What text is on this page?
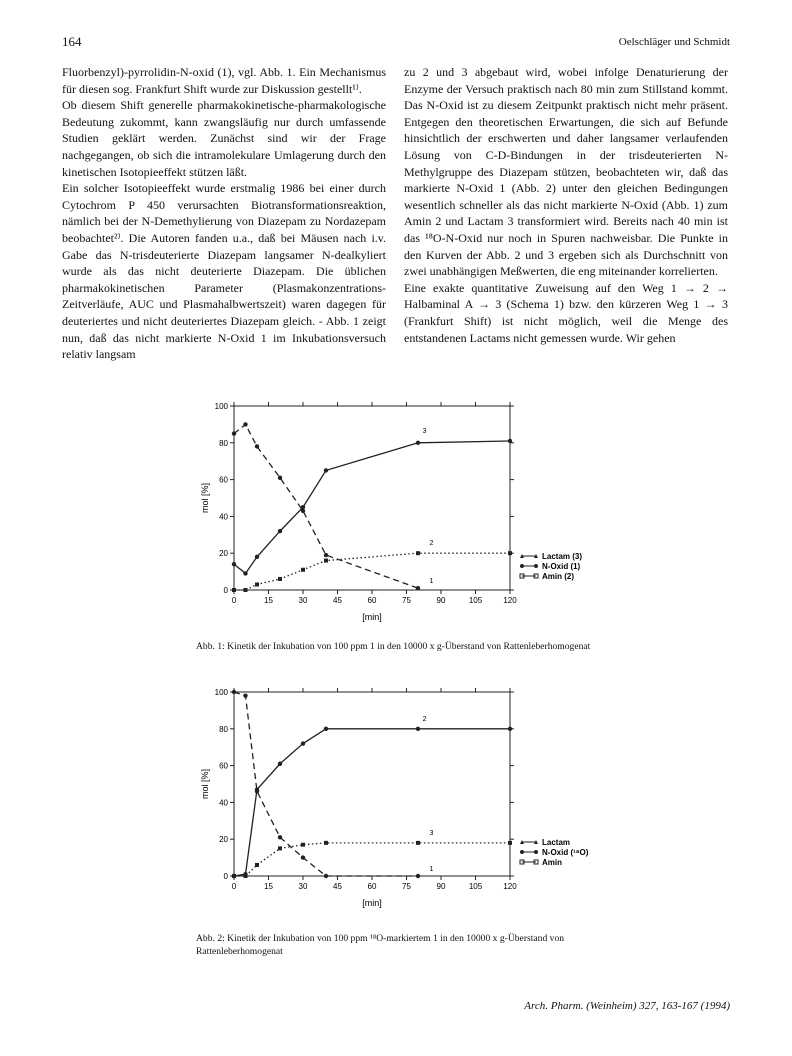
164	Oelschläger und Schmidt

Fluorbenzyl)-pyrrolidin-N-oxid (1), vgl. Abb. 1. Ein Mechanismus für diesen sog. Frankfurt Shift wurde zur Diskussion gestellt¹⁾.

Ob diesem Shift generelle pharmakokinetische-pharmakologische Bedeutung zukommt, kann zwangsläufig nur durch umfassende Studien geklärt werden. Zunächst sind wir der Frage nachgegangen, ob sich die intramolekulare Umlagerung durch den kinetischen Isotopieeffekt stützen läßt.

Ein solcher Isotopieeffekt wurde erstmalig 1986 bei einer durch Cytochrom P 450 verursachten Biotransformationsreaktion, nämlich bei der N-Demethylierung von Diazepam zu Nordazepam beobachtet²⁾. Die Autoren fanden u.a., daß bei Mäusen nach i.v. Gabe das N-trisdeuterierte Diazepam langsamer N-dealkyliert wurde als das nicht deuterierte Diazepam. Die üblichen pharmakokinetischen Parameter (Plasmakonzentrations-Zeitverläufe, AUC und Plasmahalbwertszeit) waren dagegen für deuteriertes und nicht deuteriertes Diazepam gleich. - Abb. 1 zeigt nun, daß das nicht markierte N-Oxid 1 im Inkubationsversuch relativ langsam

zu 2 und 3 abgebaut wird, wobei infolge Denaturierung der Enzyme der Versuch praktisch nach 80 min zum Stillstand kommt. Das N-Oxid ist zu diesem Zeitpunkt praktisch nicht mehr präsent. Entgegen den theoretischen Erwartungen, die sich auf Befunde hinsichtlich der erschwerten und daher langsamer verlaufenden Lösung von C-D-Bindungen in der trisdeuterierten N-Methylgruppe des Diazepam stützen, beobachteten wir, daß das markierte N-Oxid 1 (Abb. 2) unter den gleichen Bedingungen wesentlich schneller als das nicht markierte N-Oxid (Abb. 1) zum Amin 2 und Lactam 3 transformiert wird. Bereits nach 40 min ist das ¹⁸O-N-Oxid nur noch in Spuren nachweisbar. Die Punkte in den Kurven der Abb. 2 und 3 ergeben sich als Durchschnitt von zwei unabhängigen Meßwerten, die eng miteinander korrelierten.

Eine exakte quantitative Zuweisung auf den Weg 1 → 2 → Halbaminal A → 3 (Schema 1) bzw. den kürzeren Weg 1 → 3 (Frankfurt Shift) ist nicht möglich, weil die Menge des entstandenen Lactams nicht gemessen wurde. Wir gehen

0
20
40
60
80
100
0	15	30	45	60	75	90	105	120
mol [%]
[min]
3
1
2
Lactam (3)
N-Oxid (1)
Amin (2)
Abb. 1: Kinetik der Inkubation von 100 ppm 1 in den 10000 x g-Überstand von Rattenleberhomogenat
0
20
40
60
80
100
0	15	30	45	60	75	90	105	120
mol [%]
[min]
2
1
3
Lactam
N-Oxid (¹⁸O)
Amin
Abb. 2: Kinetik der Inkubation von 100 ppm ¹⁸O-markiertem 1 in den 10000 x g-Überstand von Rattenleberhomogenat
Arch. Pharm. (Weinheim) 327, 163-167 (1994)
